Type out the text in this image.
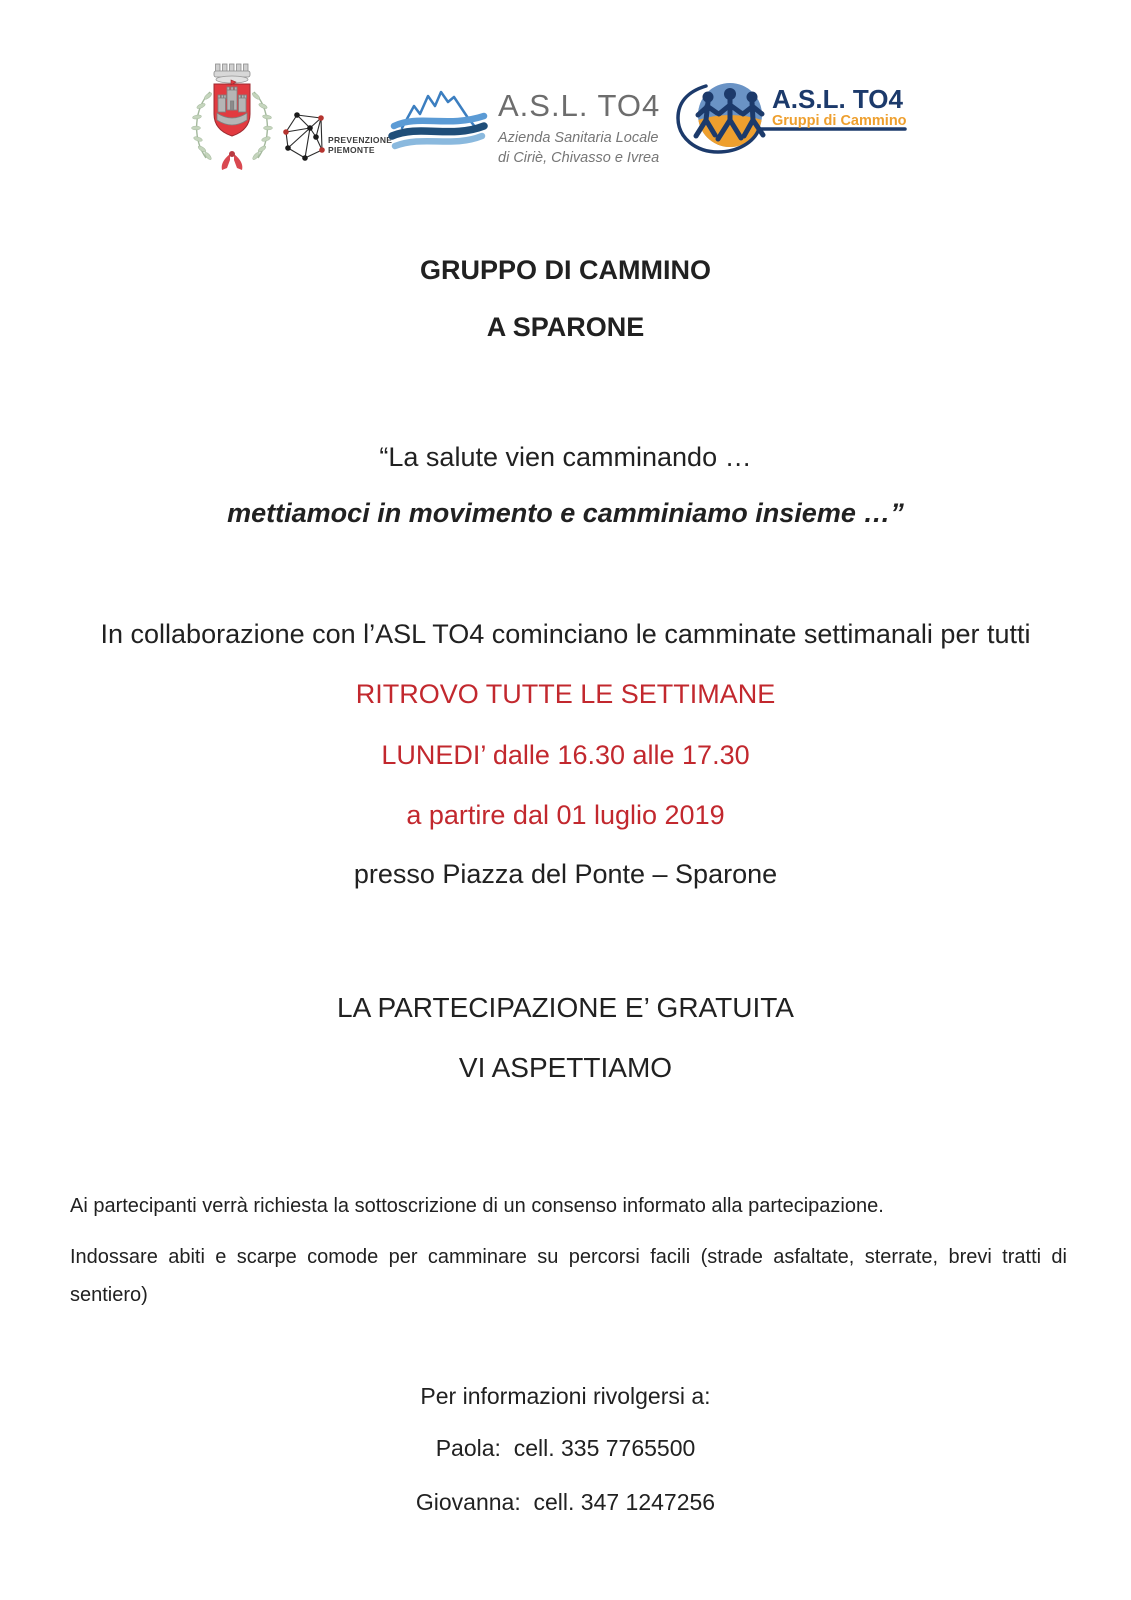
PREVENZIONE
PIEMONTE
A.S.L. TO4
Azienda Sanitaria Locale
di Ciriè, Chivasso e Ivrea
A.S.L. TO4
Gruppi di Cammino
GRUPPO DI CAMMINO
A SPARONE
“La salute vien camminando …
mettiamoci in movimento e camminiamo insieme …”
In collaborazione con l’ASL TO4 cominciano le camminate settimanali per tutti
RITROVO TUTTE LE SETTIMANE
LUNEDI’ dalle 16.30 alle 17.30
a partire dal 01 luglio 2019
presso Piazza del Ponte – Sparone
LA PARTECIPAZIONE E’ GRATUITA
VI ASPETTIAMO
Ai partecipanti verrà richiesta la sottoscrizione di un consenso informato alla partecipazione.
Indossare abiti e scarpe comode per camminare su percorsi facili (strade asfaltate, sterrate, brevi tratti di sentiero)
Per informazioni rivolgersi a:
Paola:  cell. 335 7765500
Giovanna:  cell. 347 1247256
